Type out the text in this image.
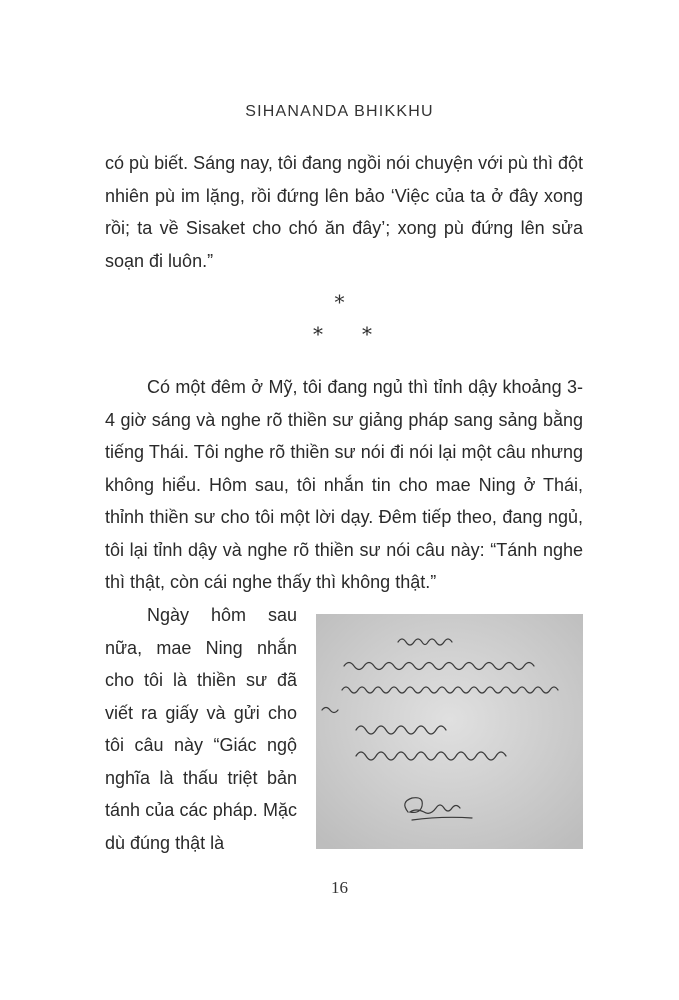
SIHANANDA BHIKKHU
có pù biết. Sáng nay, tôi đang ngồi nói chuyện với pù thì đột nhiên pù im lặng, rồi đứng lên bảo ‘Việc của ta ở đây xong rồi; ta về Sisaket cho chó ăn đây’; xong pù đứng lên sửa soạn đi luôn.”
*
* *
Có một đêm ở Mỹ, tôi đang ngủ thì tỉnh dậy khoảng 3-4 giờ sáng và nghe rõ thiền sư giảng pháp sang sảng bằng tiếng Thái. Tôi nghe rõ thiền sư nói đi nói lại một câu nhưng không hiểu. Hôm sau, tôi nhắn tin cho mae Ning ở Thái, thỉnh thiền sư cho tôi một lời dạy. Đêm tiếp theo, đang ngủ, tôi lại tỉnh dậy và nghe rõ thiền sư nói câu này: “Tánh nghe thì thật, còn cái nghe thấy thì không thật.”
Ngày hôm sau nữa, mae Ning nhắn cho tôi là thiền sư đã viết ra giấy và gửi cho tôi câu này “Giác ngộ nghĩa là thấu triệt bản tánh của các pháp. Mặc dù đúng thật là
16
